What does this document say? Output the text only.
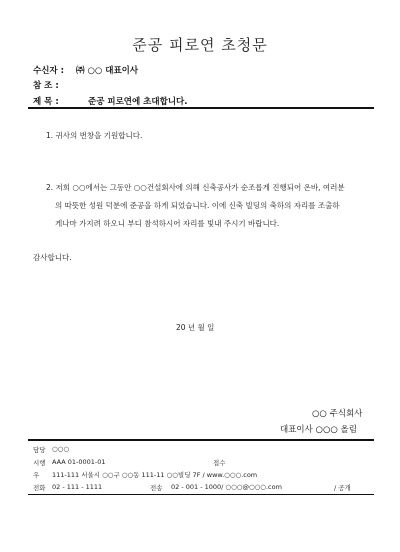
준공 피로연 초청문
수신자 : ㈜ ○○ 대표이사
참 조 :
제 목 :	준공 피로연에 초대합니다.
1. 귀사의 번창을 기원합니다.
2. 저희 ○○에서는 그동안 ○○건설회사에 의해 신축공사가 순조롭게 진행되어 온바, 여러분
의 따뜻한 성원 덕분에 준공을 하게 되었습니다. 이에 신축 빌딩의 축하의 자리를 조출하
게나마 가지려 하오니 부디 참석하시어 자리를 빛내 주시기 바랍니다.
감사합니다.
20 년 월 일
○○ 주식회사
대표이사 ○○○ 올림
담당 ○○○
시행 AAA 01-0001-01	접수
우 111-111 서울시 ○○구 ○○동 111-11 ○○빌딩 7F / www.○○○.com
전화 02 - 111 - 1111	전송 02 - 001 - 1000/ ○○○@○○○.com	/ 공개
